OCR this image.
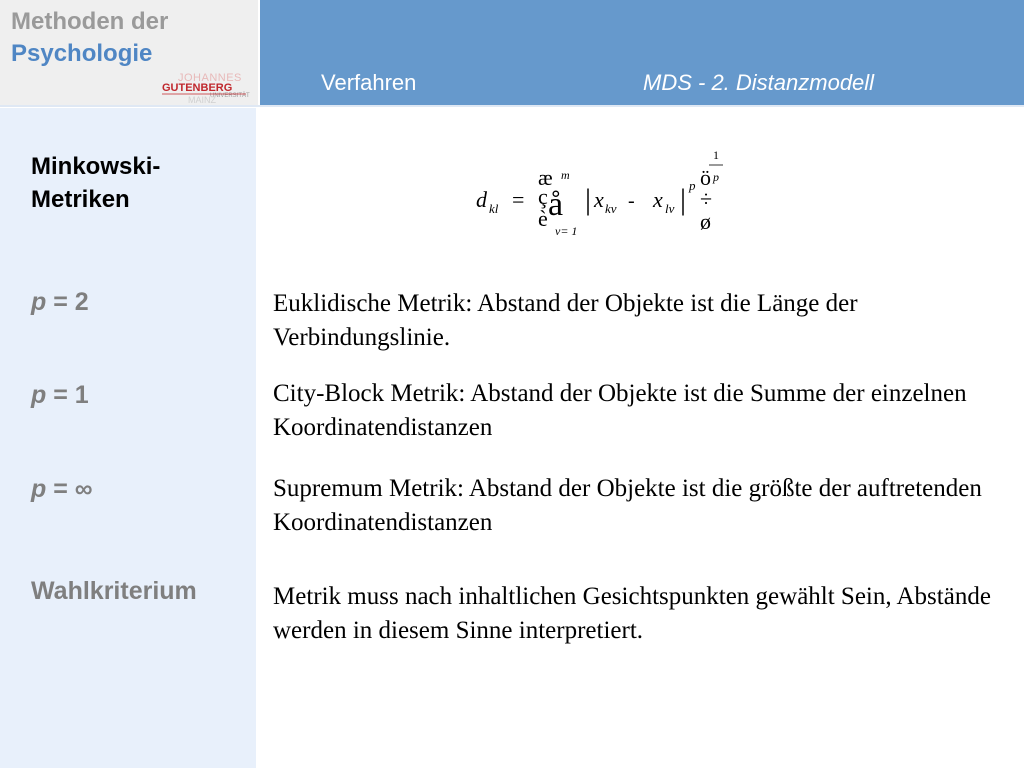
Methoden der
Psychologie
JOHANNES
GUTENBERG
UNIVERSITÄT
MAINZ
Verfahren	MDS - 2. Distanzmodell
Minkowski-Metriken
p = 2
p = 1
p = ∞
Wahlkriterium
d kl =
æ
ç
è å
m
v= 1
| x kv - x lv | p ö
÷
ø
1
p
Euklidische Metrik: Abstand der Objekte ist die Länge der Verbindungslinie.
City-Block Metrik: Abstand der Objekte ist die Summe der einzelnen Koordinatendistanzen
Supremum Metrik: Abstand der Objekte ist die größte der auftretenden Koordinatendistanzen
Metrik muss nach inhaltlichen Gesichtspunkten gewählt Sein, Abstände werden in diesem Sinne interpretiert.
